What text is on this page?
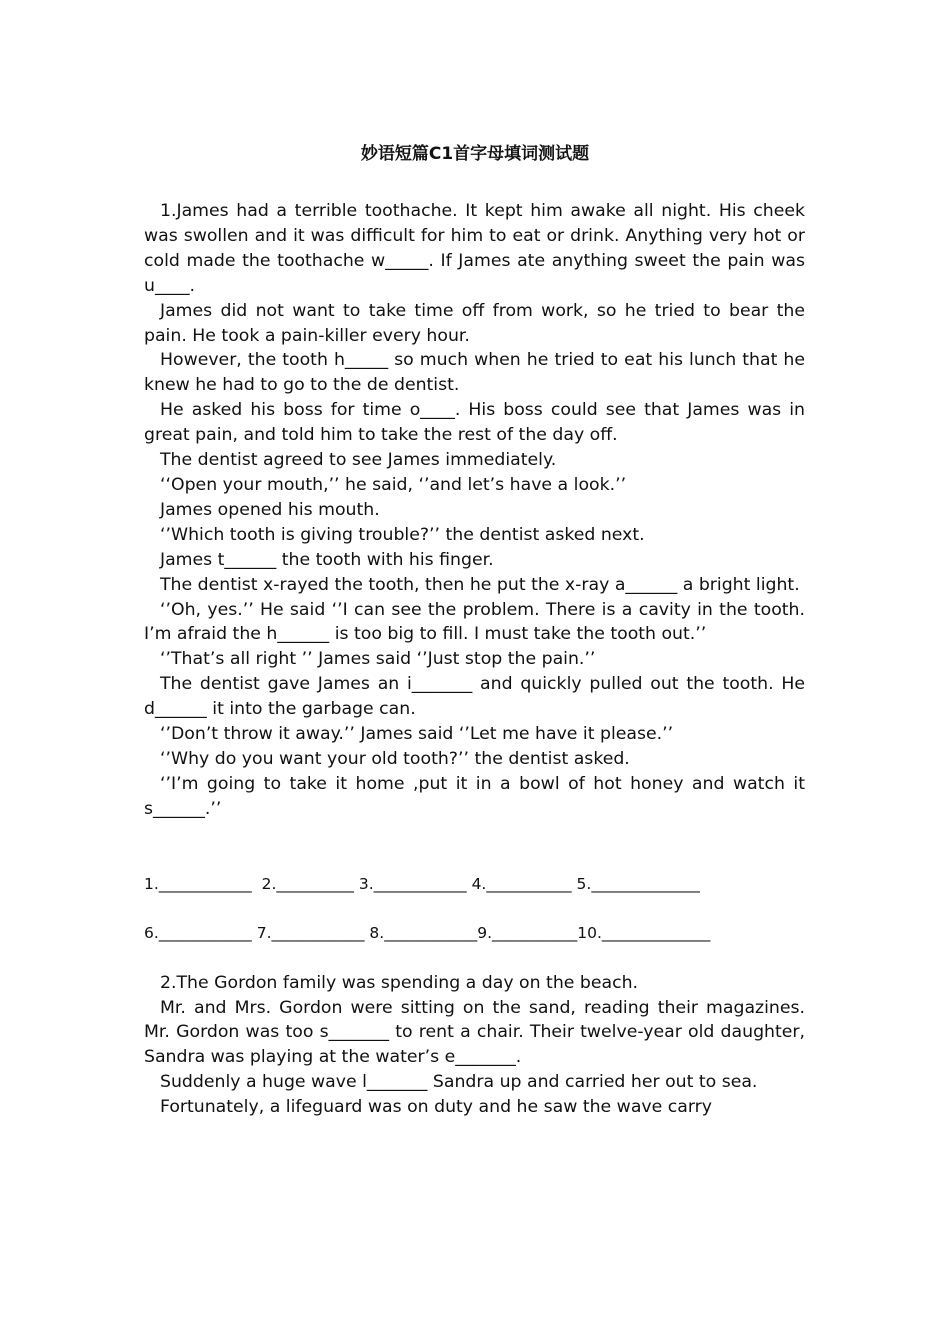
妙语短篇C1首字母填词测试题

1.James had a terrible toothache. It kept him awake all night. His cheek was swollen and it was difficult for him to eat or drink. Anything very hot or cold made the toothache w_____. If James ate anything sweet the pain was u____.

James did not want to take time off from work, so he tried to bear the pain. He took a pain-killer every hour.

However, the tooth h_____ so much when he tried to eat his lunch that he knew he had to go to the de dentist.

He asked his boss for time o____. His boss could see that James was in great pain, and told him to take the rest of the day off.

The dentist agreed to see James immediately.

‘‘Open your mouth,’’ he said, ‘’and let’s have a look.’’

James opened his mouth.

‘’Which tooth is giving trouble?’’ the dentist asked next.

James t______ the tooth with his finger.

The dentist x-rayed the tooth, then he put the x-ray a______ a bright light.

‘’Oh, yes.’’ He said ‘’I can see the problem. There is a cavity in the tooth. I’m afraid the h______ is too big to fill. I must take the tooth out.’’

‘’That’s all right ’’ James said ‘’Just stop the pain.’’

The dentist gave James an i_______ and quickly pulled out the tooth. He d______ it into the garbage can.

‘’Don’t throw it away.’’ James said ‘’Let me have it please.’’

‘’Why do you want your old tooth?’’ the dentist asked.

‘’I’m going to take it home ,put it in a bowl of hot honey and watch it s______.’’

1.____________  2.__________ 3.____________ 4.___________ 5.______________

6.____________ 7.____________ 8.____________9.___________10.______________

2.The Gordon family was spending a day on the beach.

Mr. and Mrs. Gordon were sitting on the sand, reading their magazines. Mr. Gordon was too s_______ to rent a chair. Their twelve-year old daughter, Sandra was playing at the water’s e_______.

Suddenly a huge wave l_______ Sandra up and carried her out to sea.

Fortunately, a lifeguard was on duty and he saw the wave carry
